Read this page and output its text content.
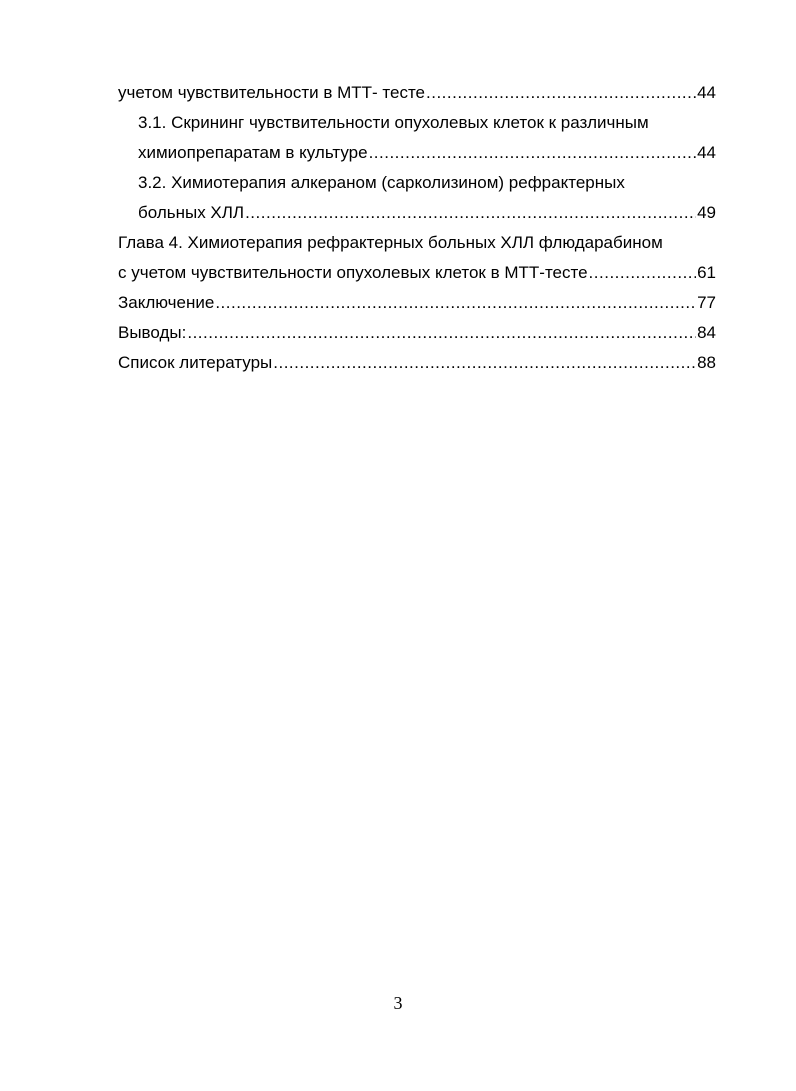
учетом чувствительности в МТТ- тесте .....	44
3.1. Скрининг чувствительности опухолевых клеток к различным
химиопрепаратам в культуре .....	44
3.2. Химиотерапия алкераном (сарколизином) рефрактерных
больных ХЛЛ .....	49
Глава 4. Химиотерапия рефрактерных больных ХЛЛ флюдарабином
с учетом чувствительности опухолевых клеток в МТТ-тесте .....	61
Заключение .....	77
Выводы: .....	84
Список литературы .....	88
3
